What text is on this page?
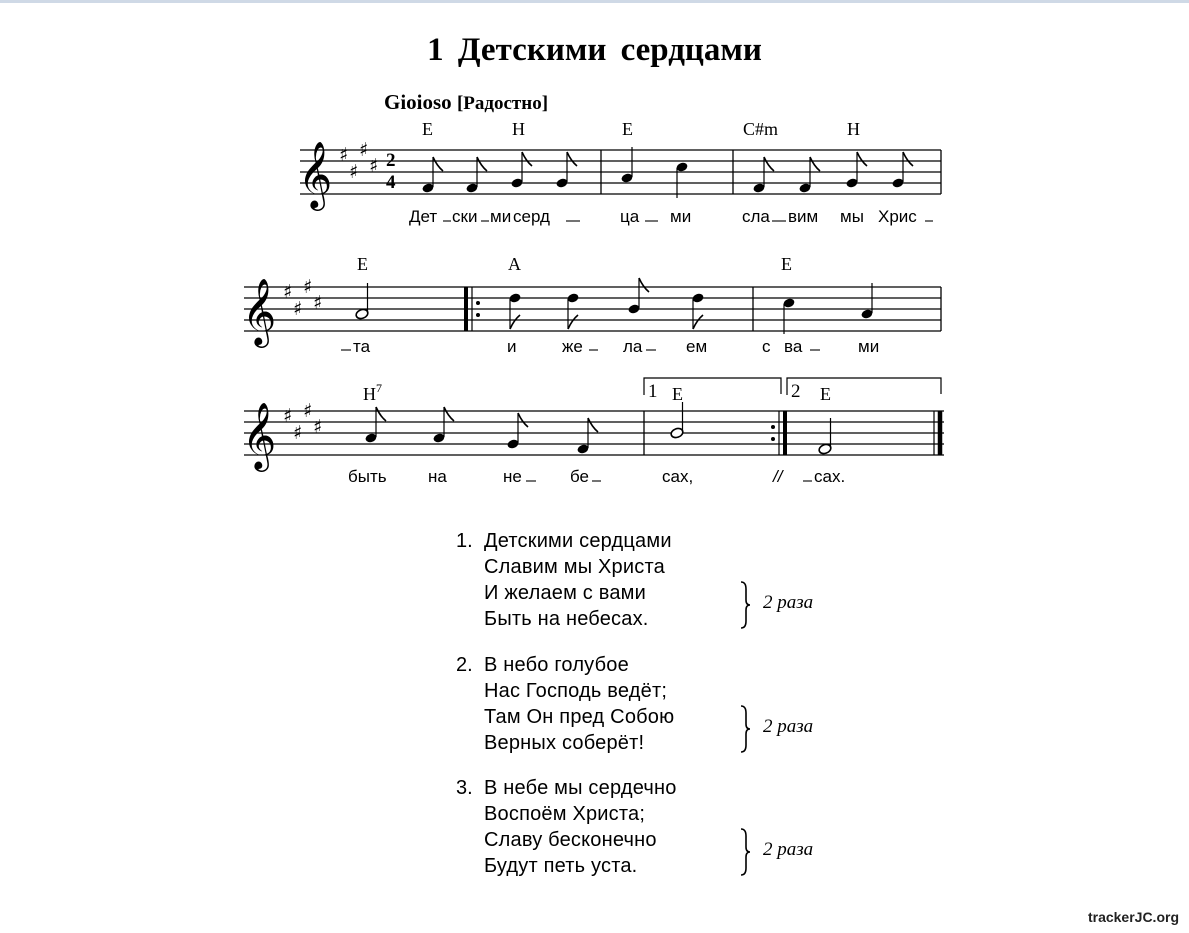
1 Детскими сердцами
Gioioso [Радостно]
𝄞 ♯
♯
♯
♯ 2
4
E	H	E	C#m	H
Дет ски ми серд	ца ми	сла вим мы Хрис
𝄞 ♯
♯
♯
♯
E	A	E
та	и	же ла	ем	с ва	ми
𝄞 ♯
♯
♯
♯
1	2
$H^7$	E	E
быть на	не	бе	сах,	// сах.
1. Детскими сердцами
Славим мы Христа
И желаем с вами
Быть на небесах.
2 раза
2. В небо голубое
Нас Господь ведёт;
Там Он пред Собою
Верных соберёт!
2 раза
3. В небе мы сердечно
Воспоём Христа;
Славу бесконечно
Будут петь уста.
2 раза
trackerJC.org
